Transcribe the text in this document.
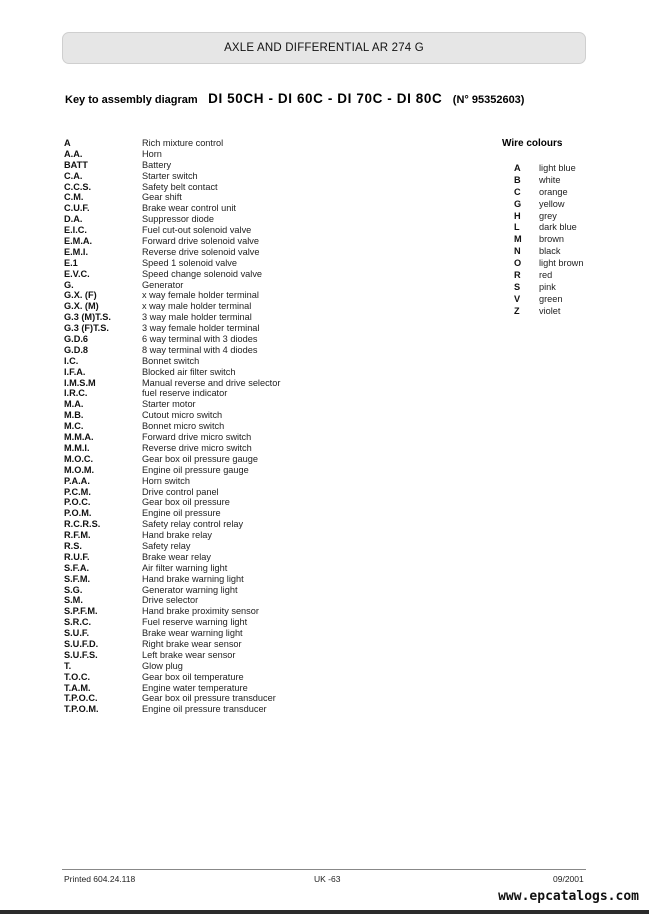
AXLE AND DIFFERENTIAL AR 274 G
Key to assembly diagram DI 50CH - DI 60C - DI 70C - DI 80C (N° 95352603)
A	Rich mixture control
A.A.	Horn
BATT	Battery
C.A.	Starter switch
C.C.S.	Safety belt contact
C.M.	Gear shift
C.U.F.	Brake wear control unit
D.A.	Suppressor diode
E.I.C.	Fuel cut-out solenoid valve
E.M.A.	Forward drive solenoid valve
E.M.I.	Reverse drive solenoid valve
E.1	Speed 1 solenoid valve
E.V.C.	Speed change solenoid valve
G.	Generator
G.X. (F)	x way female holder terminal
G.X. (M)	x way male holder terminal
G.3 (M)T.S.	3 way male holder terminal
G.3 (F)T.S.	3 way female holder terminal
G.D.6	6 way terminal with 3 diodes
G.D.8	8 way terminal with 4 diodes
I.C.	Bonnet switch
I.F.A.	Blocked air filter switch
I.M.S.M	Manual reverse and drive selector
I.R.C.	fuel reserve indicator
M.A.	Starter motor
M.B.	Cutout micro switch
M.C.	Bonnet micro switch
M.M.A.	Forward drive micro switch
M.M.I.	Reverse drive micro switch
M.O.C.	Gear box oil pressure gauge
M.O.M.	Engine oil pressure gauge
P.A.A.	Horn switch
P.C.M.	Drive control panel
P.O.C.	Gear box oil pressure
P.O.M.	Engine oil pressure
R.C.R.S.	Safety relay control relay
R.F.M.	Hand brake relay
R.S.	Safety relay
R.U.F.	Brake wear relay
S.F.A.	Air filter warning light
S.F.M.	Hand brake warning light
S.G.	Generator warning light
S.M.	Drive selector
S.P.F.M.	Hand brake proximity sensor
S.R.C.	Fuel reserve warning light
S.U.F.	Brake wear warning light
S.U.F.D.	Right brake wear sensor
S.U.F.S.	Left brake wear sensor
T.	Glow plug
T.O.C.	Gear box oil temperature
T.A.M.	Engine water temperature
T.P.O.C.	Gear box oil pressure transducer
T.P.O.M.	Engine oil pressure transducer
Wire colours
A	light blue
B	white
C	orange
G	yellow
H	grey
L	dark blue
M	brown
N	black
O	light brown
R	red
S	pink
V	green
Z	violet
Printed 604.24.118	UK -63	09/2001
www.epcatalogs.com
